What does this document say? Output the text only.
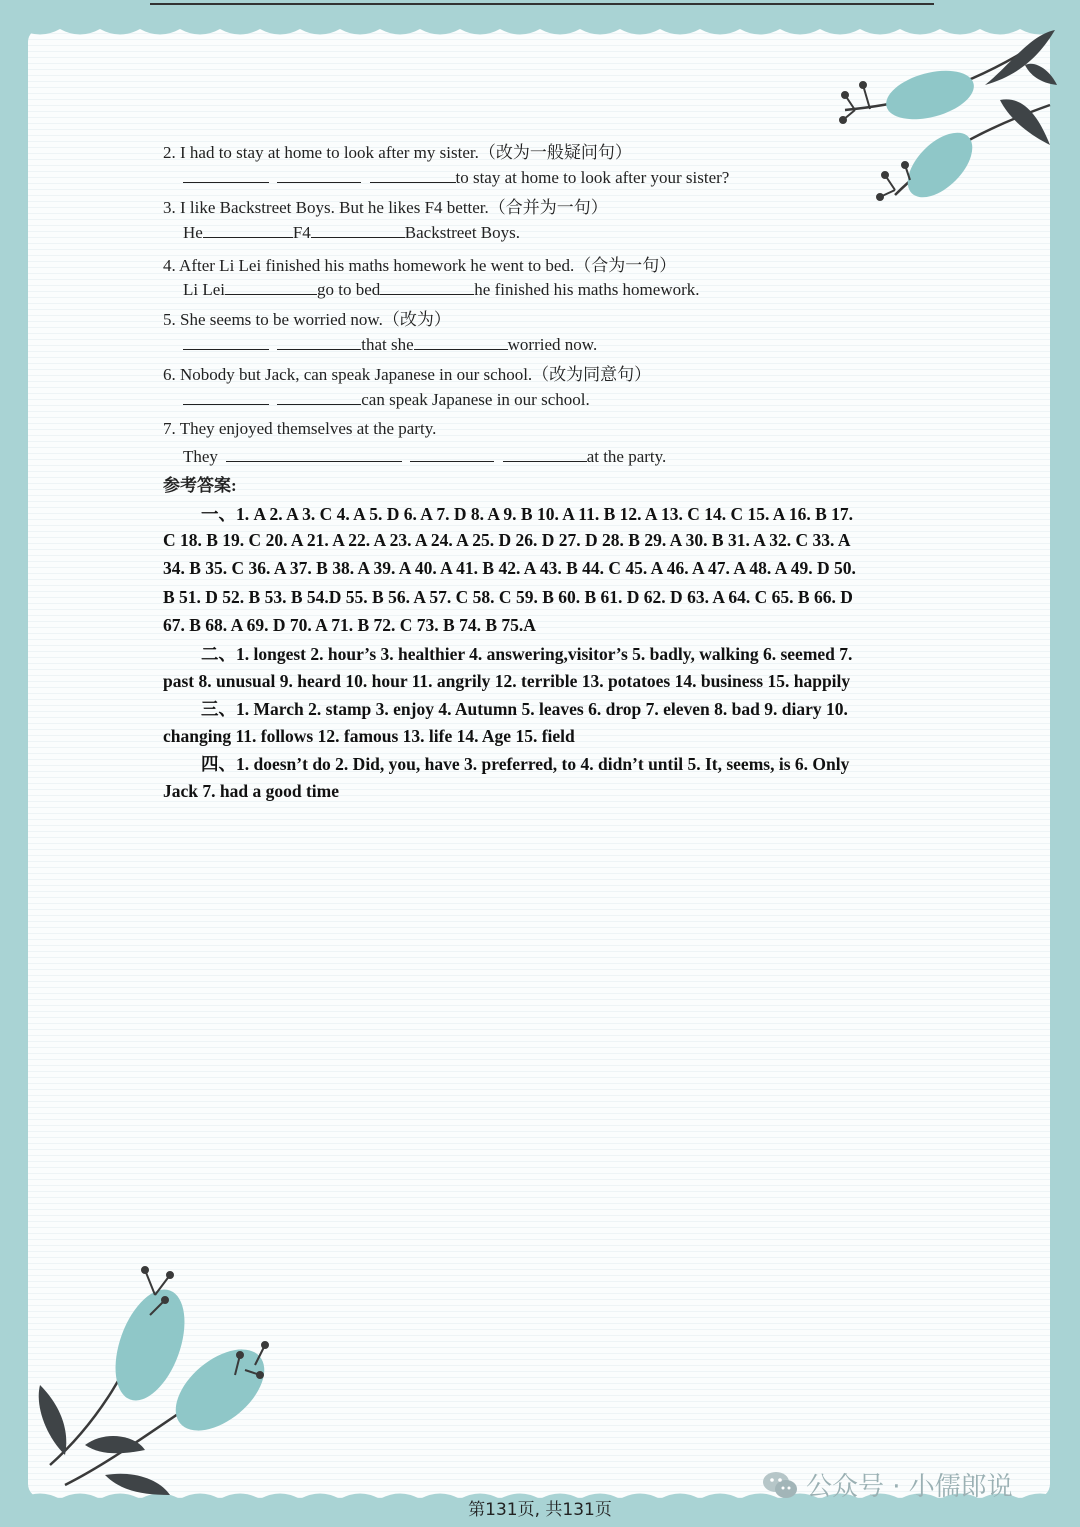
2. I had to stay at home to look after my sister.（改为一般疑问句）
to stay at home to look after your sister?
3. I like Backstreet Boys. But he likes F4 better.（合并为一句）
He	F4	Backstreet Boys.
4. After Li Lei finished his maths homework he went to bed.（合为一句）
Li Lei	go to bed	he finished his maths homework.
5. She seems to be worried now.（改为）
that she	worried now.
6. Nobody but Jack, can speak Japanese in our school.（改为同意句）
can speak Japanese in our school.
7. They enjoyed themselves at the party.
They	at the party.
参考答案:
一、1. A 2. A 3. C 4. A 5. D 6. A 7. D 8. A 9. B 10. A 11. B 12. A 13. C 14. C 15. A 16. B 17.
C 18. B 19. C 20. A 21. A 22. A 23. A 24. A 25. D 26. D 27. D 28. B 29. A 30. B 31. A 32. C 33. A
34. B 35. C 36. A 37. B 38. A 39. A 40. A 41. B 42. A 43. B 44. C 45. A 46. A 47. A 48. A 49. D 50.
B 51. D 52. B 53. B 54.D 55. B 56. A 57. C 58. C 59. B 60. B 61. D 62. D 63. A 64. C 65. B 66. D
67. B 68. A 69. D 70. A 71. B 72. C 73. B 74. B 75.A
二、1. longest 2. hour’s 3. healthier 4. answering,visitor’s 5. badly, walking 6. seemed 7.
past 8. unusual 9. heard 10. hour 11. angrily 12. terrible 13. potatoes 14. business 15. happily
三、1. March 2. stamp 3. enjoy 4. Autumn 5. leaves 6. drop 7. eleven 8. bad 9. diary 10.
changing 11. follows 12. famous 13. life 14. Age 15. field
四、1. doesn’t do 2. Did, you, have 3. preferred, to 4. didn’t until 5. It, seems, is 6. Only
Jack 7. had a good time
公众号 · 小儒郎说
第131页, 共131页
